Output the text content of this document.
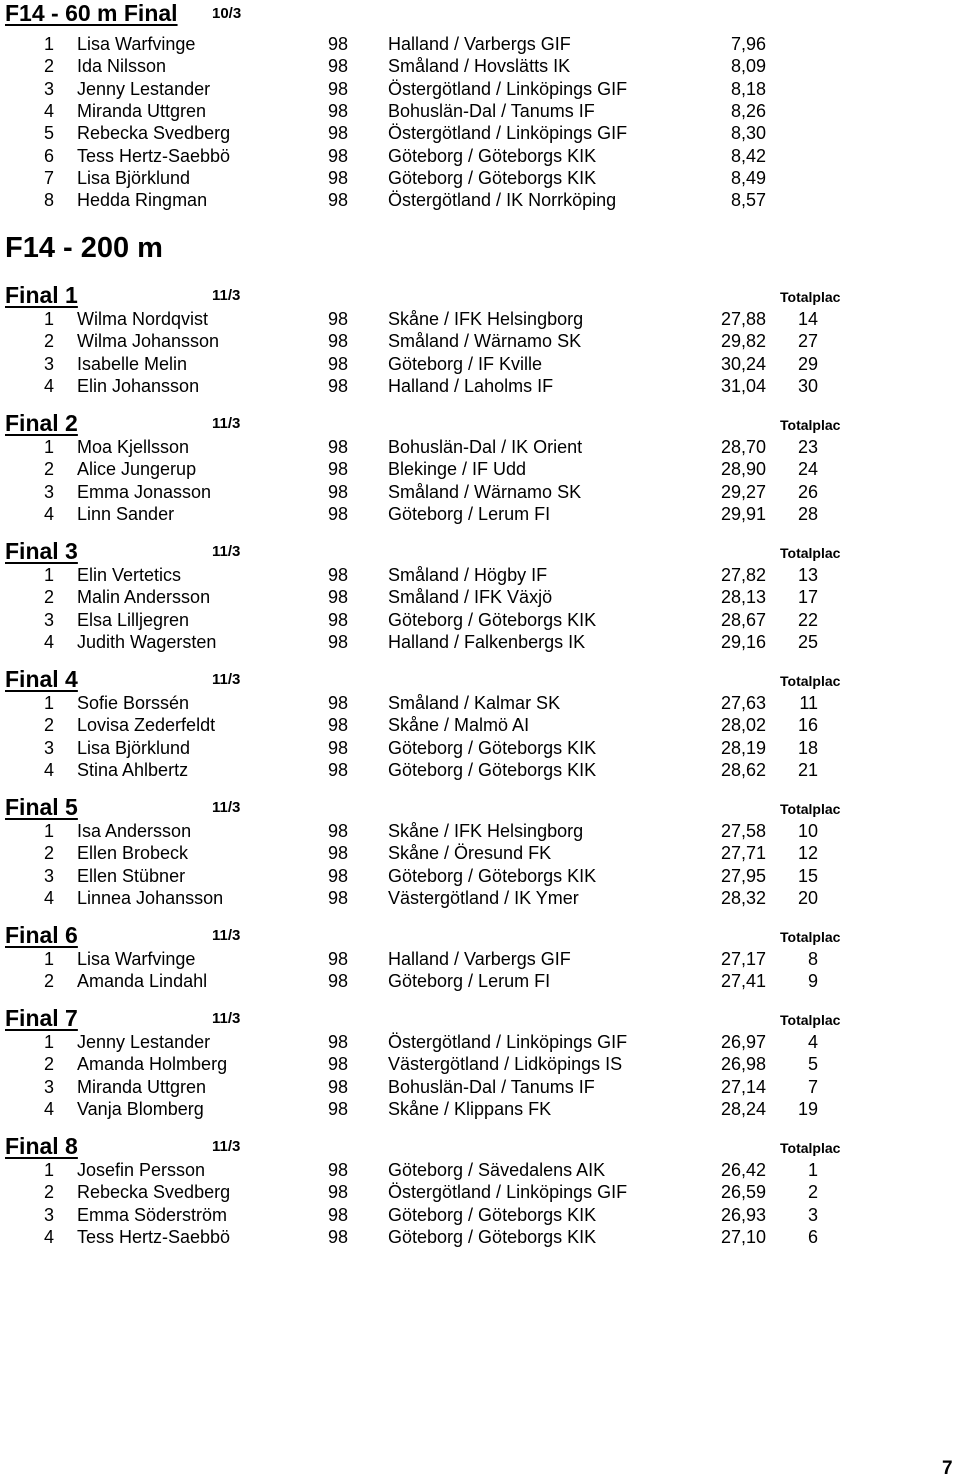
F14 - 60 m Final 10/3
1 Lisa Warfvinge	98 Halland / Varbergs GIF	7,96
2 Ida Nilsson	98 Småland / Hovslätts IK	8,09
3 Jenny Lestander	98 Östergötland / Linköpings GIF	8,18
4 Miranda Uttgren	98 Bohuslän-Dal / Tanums IF	8,26
5 Rebecka Svedberg	98 Östergötland / Linköpings GIF	8,30
6 Tess Hertz-Saebbö	98 Göteborg / Göteborgs KIK	8,42
7 Lisa Björklund	98 Göteborg / Göteborgs KIK	8,49
8 Hedda Ringman	98 Östergötland / IK Norrköping	8,57
F14 - 200 m
Final 1	11/3	Totalplac
1 Wilma Nordqvist	98 Skåne / IFK Helsingborg	27,88	14
2 Wilma Johansson	98 Småland / Wärnamo SK	29,82	27
3 Isabelle Melin	98 Göteborg / IF Kville	30,24	29
4 Elin Johansson	98 Halland / Laholms IF	31,04	30
Final 2	11/3	Totalplac
1 Moa Kjellsson	98 Bohuslän-Dal / IK Orient	28,70	23
2 Alice Jungerup	98 Blekinge / IF Udd	28,90	24
3 Emma Jonasson	98 Småland / Wärnamo SK	29,27	26
4 Linn Sander	98 Göteborg / Lerum FI	29,91	28
Final 3	11/3	Totalplac
1 Elin Vertetics	98 Småland / Högby IF	27,82	13
2 Malin Andersson	98 Småland / IFK Växjö	28,13	17
3 Elsa Lilljegren	98 Göteborg / Göteborgs KIK	28,67	22
4 Judith Wagersten	98 Halland / Falkenbergs IK	29,16	25
Final 4	11/3	Totalplac
1 Sofie Borssén	98 Småland / Kalmar SK	27,63	11
2 Lovisa Zederfeldt	98 Skåne / Malmö AI	28,02	16
3 Lisa Björklund	98 Göteborg / Göteborgs KIK	28,19	18
4 Stina Ahlbertz	98 Göteborg / Göteborgs KIK	28,62	21
Final 5	11/3	Totalplac
1 Isa Andersson	98 Skåne / IFK Helsingborg	27,58	10
2 Ellen Brobeck	98 Skåne / Öresund FK	27,71	12
3 Ellen Stübner	98 Göteborg / Göteborgs KIK	27,95	15
4 Linnea Johansson	98 Västergötland / IK Ymer	28,32	20
Final 6	11/3	Totalplac
1 Lisa Warfvinge	98 Halland / Varbergs GIF	27,17	8
2 Amanda Lindahl	98 Göteborg / Lerum FI	27,41	9
Final 7	11/3	Totalplac
1 Jenny Lestander	98 Östergötland / Linköpings GIF	26,97	4
2 Amanda Holmberg	98 Västergötland / Lidköpings IS	26,98	5
3 Miranda Uttgren	98 Bohuslän-Dal / Tanums IF	27,14	7
4 Vanja Blomberg	98 Skåne / Klippans FK	28,24	19
Final 8	11/3	Totalplac
1 Josefin Persson	98 Göteborg / Sävedalens AIK	26,42	1
2 Rebecka Svedberg	98 Östergötland / Linköpings GIF	26,59	2
3 Emma Söderström	98 Göteborg / Göteborgs KIK	26,93	3
4 Tess Hertz-Saebbö	98 Göteborg / Göteborgs KIK	27,10	6
7
